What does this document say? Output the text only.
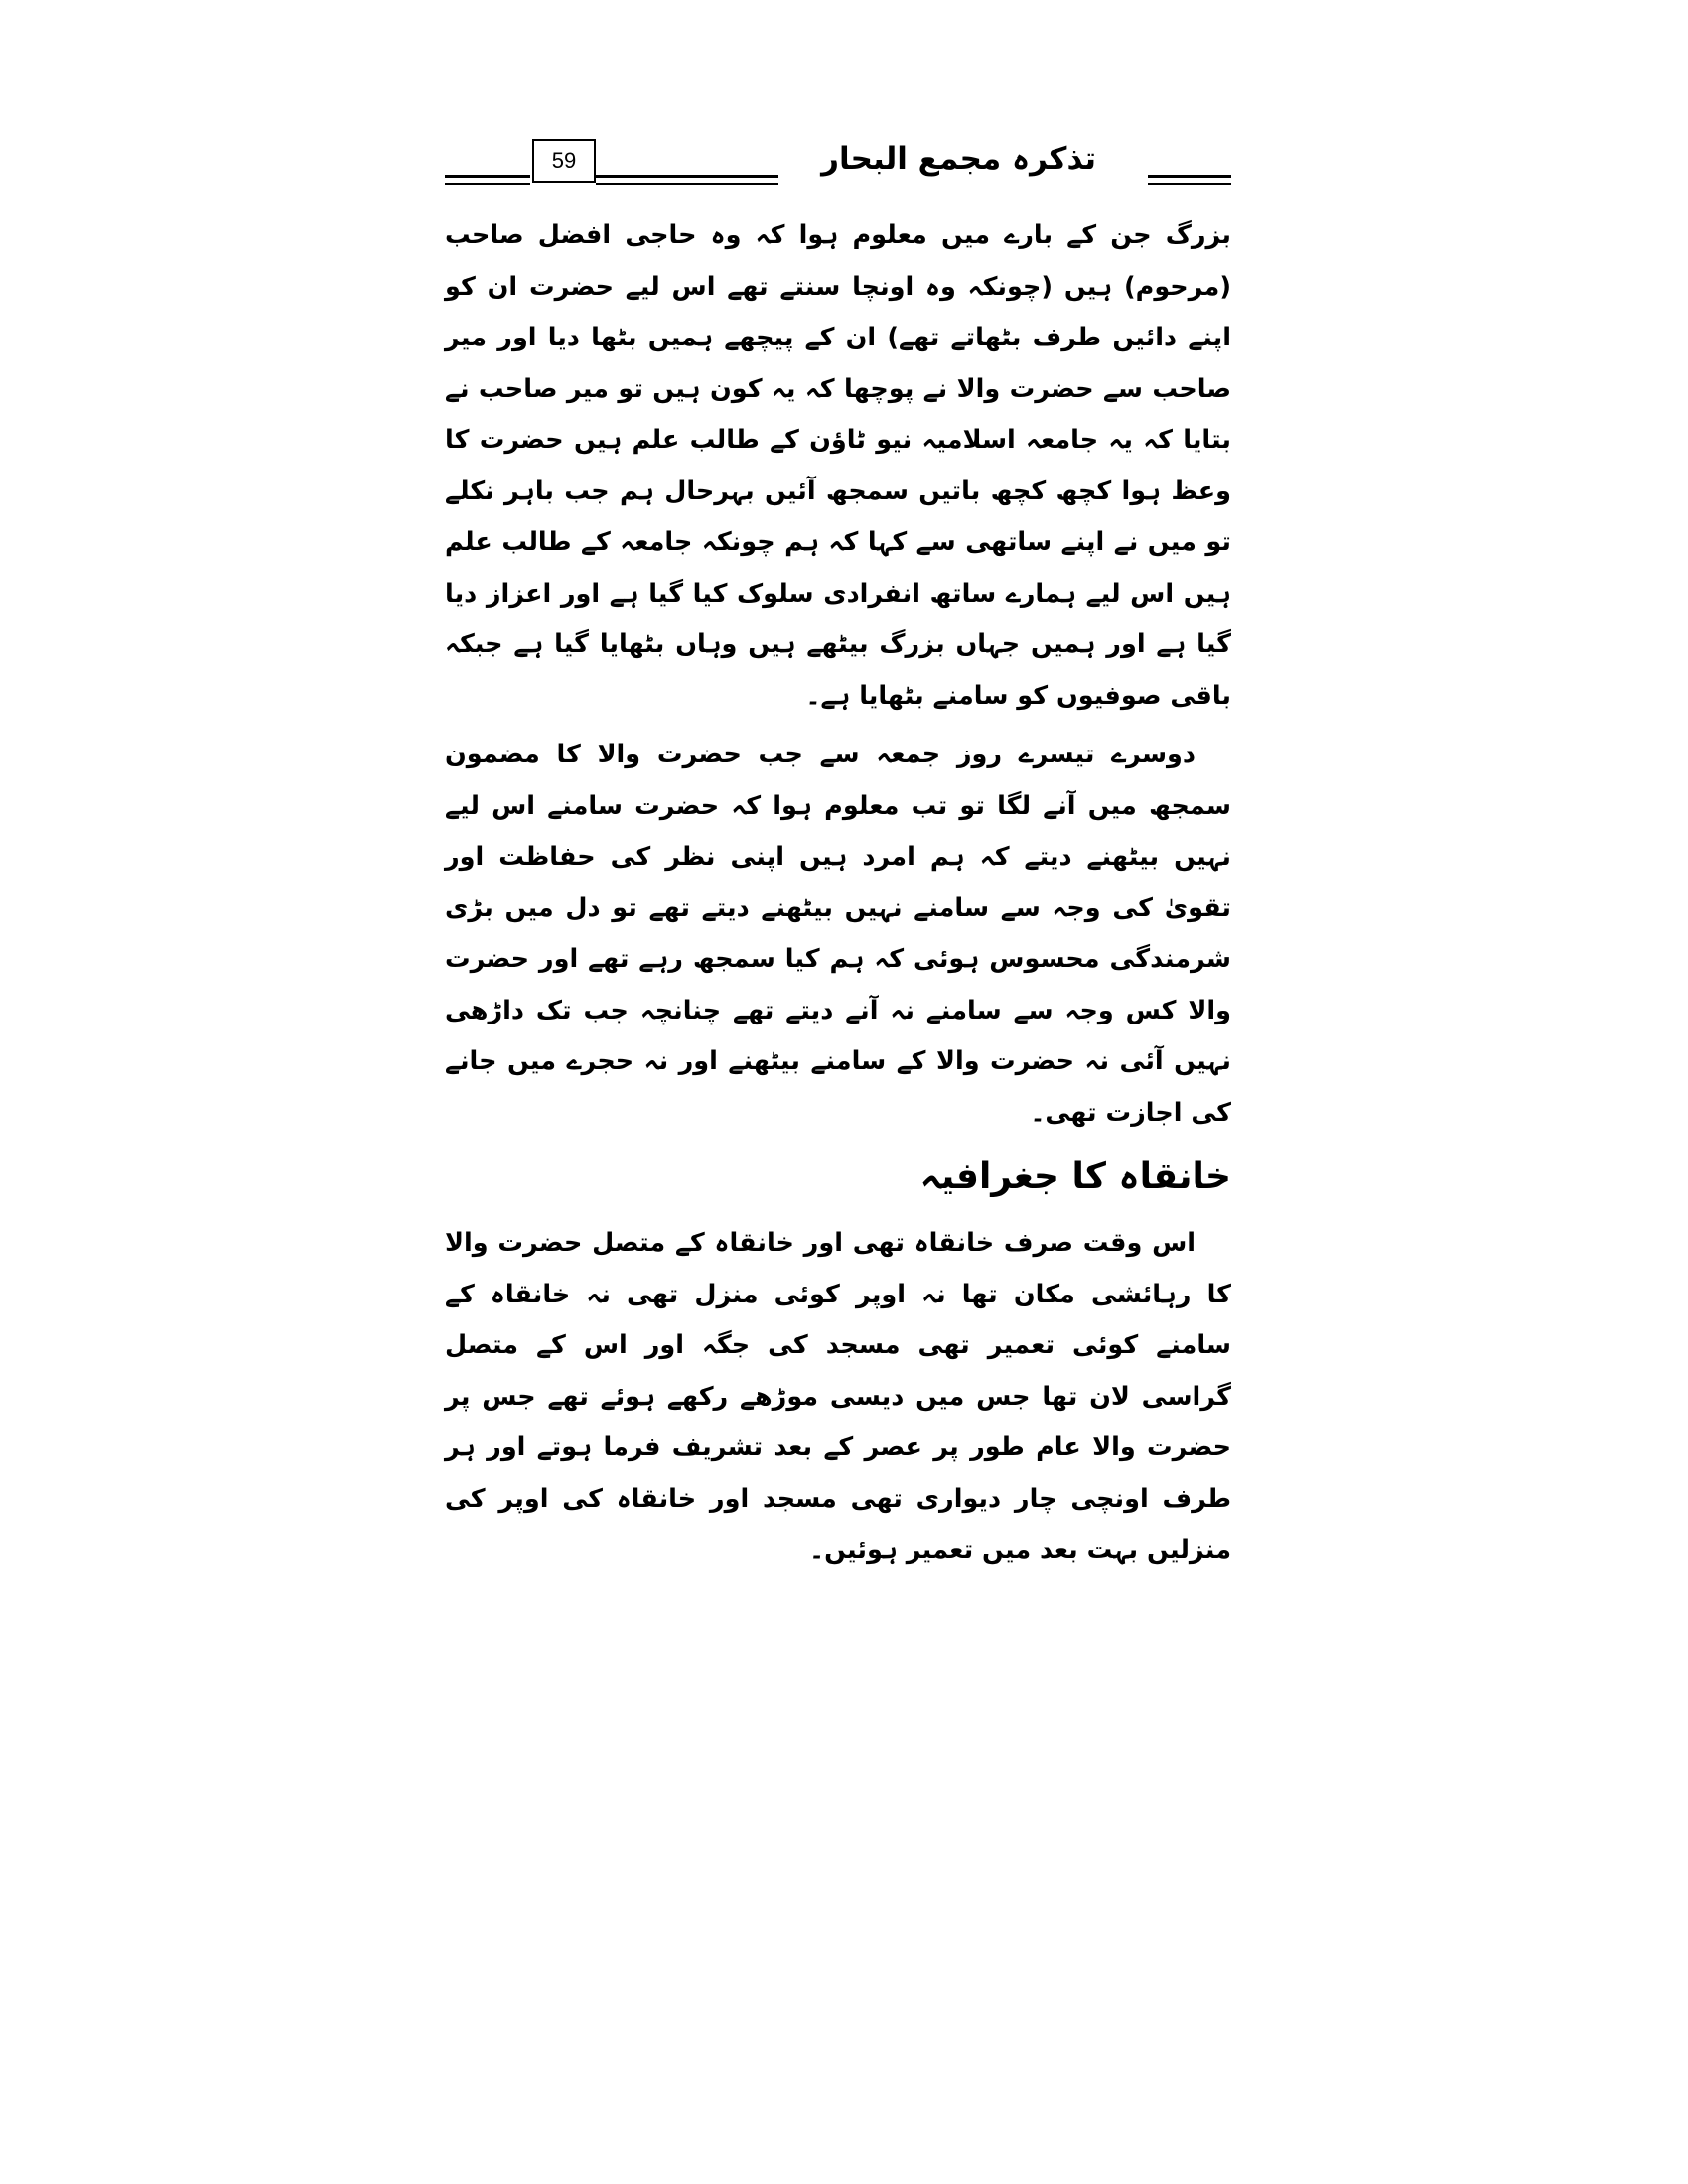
59	تذکرہ مجمع البحار

بزرگ جن کے بارے میں معلوم ہوا کہ وہ حاجی افضل صاحب (مرحوم) ہیں (چونکہ وہ اونچا سنتے تھے اس لیے حضرت ان کو اپنے دائیں طرف بٹھاتے تھے) ان کے پیچھے ہمیں بٹھا دیا اور میر صاحب سے حضرت والا نے پوچھا کہ یہ کون ہیں تو میر صاحب نے بتایا کہ یہ جامعہ اسلامیہ نیو ٹاؤن کے طالب علم ہیں حضرت کا وعظ ہوا کچھ کچھ باتیں سمجھ آئیں بہرحال ہم جب باہر نکلے تو میں نے اپنے ساتھی سے کہا کہ ہم چونکہ جامعہ کے طالب علم ہیں اس لیے ہمارے ساتھ انفرادی سلوک کیا گیا ہے اور اعزاز دیا گیا ہے اور ہمیں جہاں بزرگ بیٹھے ہیں وہاں بٹھایا گیا ہے جبکہ باقی صوفیوں کو سامنے بٹھایا ہے۔

دوسرے تیسرے روز جمعہ سے جب حضرت والا کا مضمون سمجھ میں آنے لگا تو تب معلوم ہوا کہ حضرت سامنے اس لیے نہیں بیٹھنے دیتے کہ ہم امرد ہیں اپنی نظر کی حفاظت اور تقویٰ کی وجہ سے سامنے نہیں بیٹھنے دیتے تھے تو دل میں بڑی شرمندگی محسوس ہوئی کہ ہم کیا سمجھ رہے تھے اور حضرت والا کس وجہ سے سامنے نہ آنے دیتے تھے چنانچہ جب تک داڑھی نہیں آئی نہ حضرت والا کے سامنے بیٹھنے اور نہ حجرے میں جانے کی اجازت تھی۔

خانقاہ کا جغرافیہ

اس وقت صرف خانقاہ تھی اور خانقاہ کے متصل حضرت والا کا رہائشی مکان تھا نہ اوپر کوئی منزل تھی نہ خانقاہ کے سامنے کوئی تعمیر تھی مسجد کی جگہ اور اس کے متصل گراسی لان تھا جس میں دیسی موڑھے رکھے ہوئے تھے جس پر حضرت والا عام طور پر عصر کے بعد تشریف فرما ہوتے اور ہر طرف اونچی چار دیواری تھی مسجد اور خانقاہ کی اوپر کی منزلیں بہت بعد میں تعمیر ہوئیں۔
